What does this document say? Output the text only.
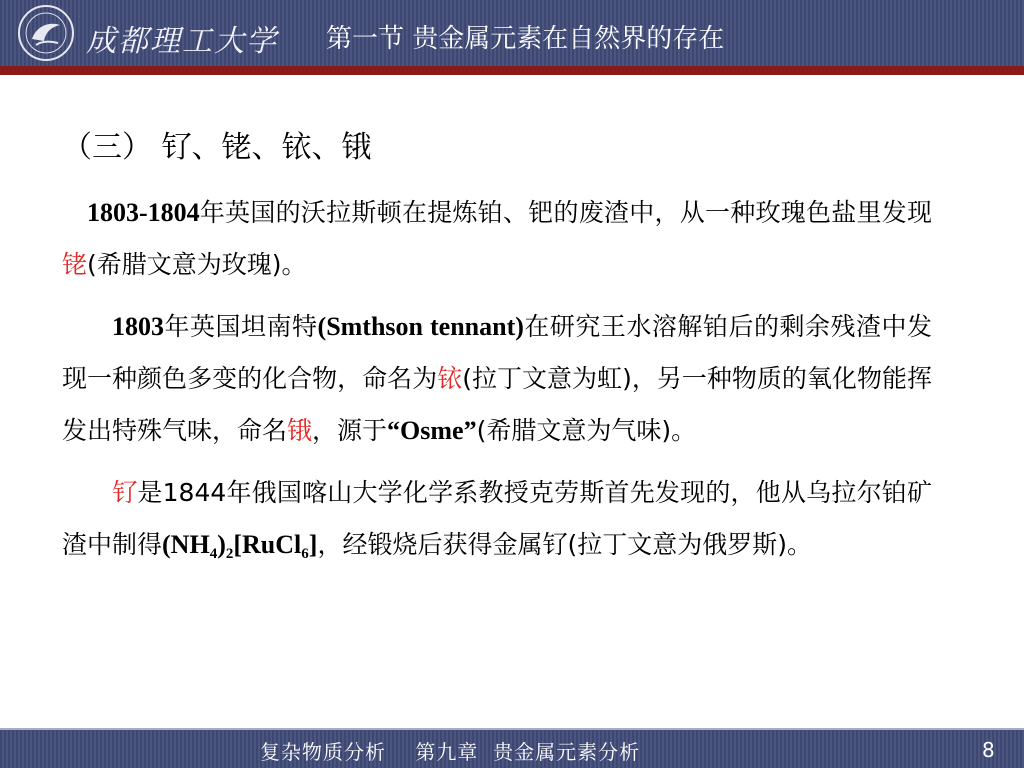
成都理工大学 第一节 贵金属元素在自然界的存在
（三） 钌、铑、铱、锇

 1803-1804年英国的沃拉斯顿在提炼铂、钯的废渣中，从一种玫瑰色盐里发现铑(希腊文意为玫瑰)。

  1803年英国坦南特(Smthson tennant)在研究王水溶解铂后的剩余残渣中发现一种颜色多变的化合物，命名为铱(拉丁文意为虹)，另一种物质的氧化物能挥发出特殊气味，命名锇，源于“Osme”(希腊文意为气味)。

  钌是1844年俄国喀山大学化学系教授克劳斯首先发现的，他从乌拉尔铂矿渣中制得$(NH_4)_2[RuCl_6]$，经锻烧后获得金属钌(拉丁文意为俄罗斯)。

复杂物质分析    第九章  贵金属元素分析	8
